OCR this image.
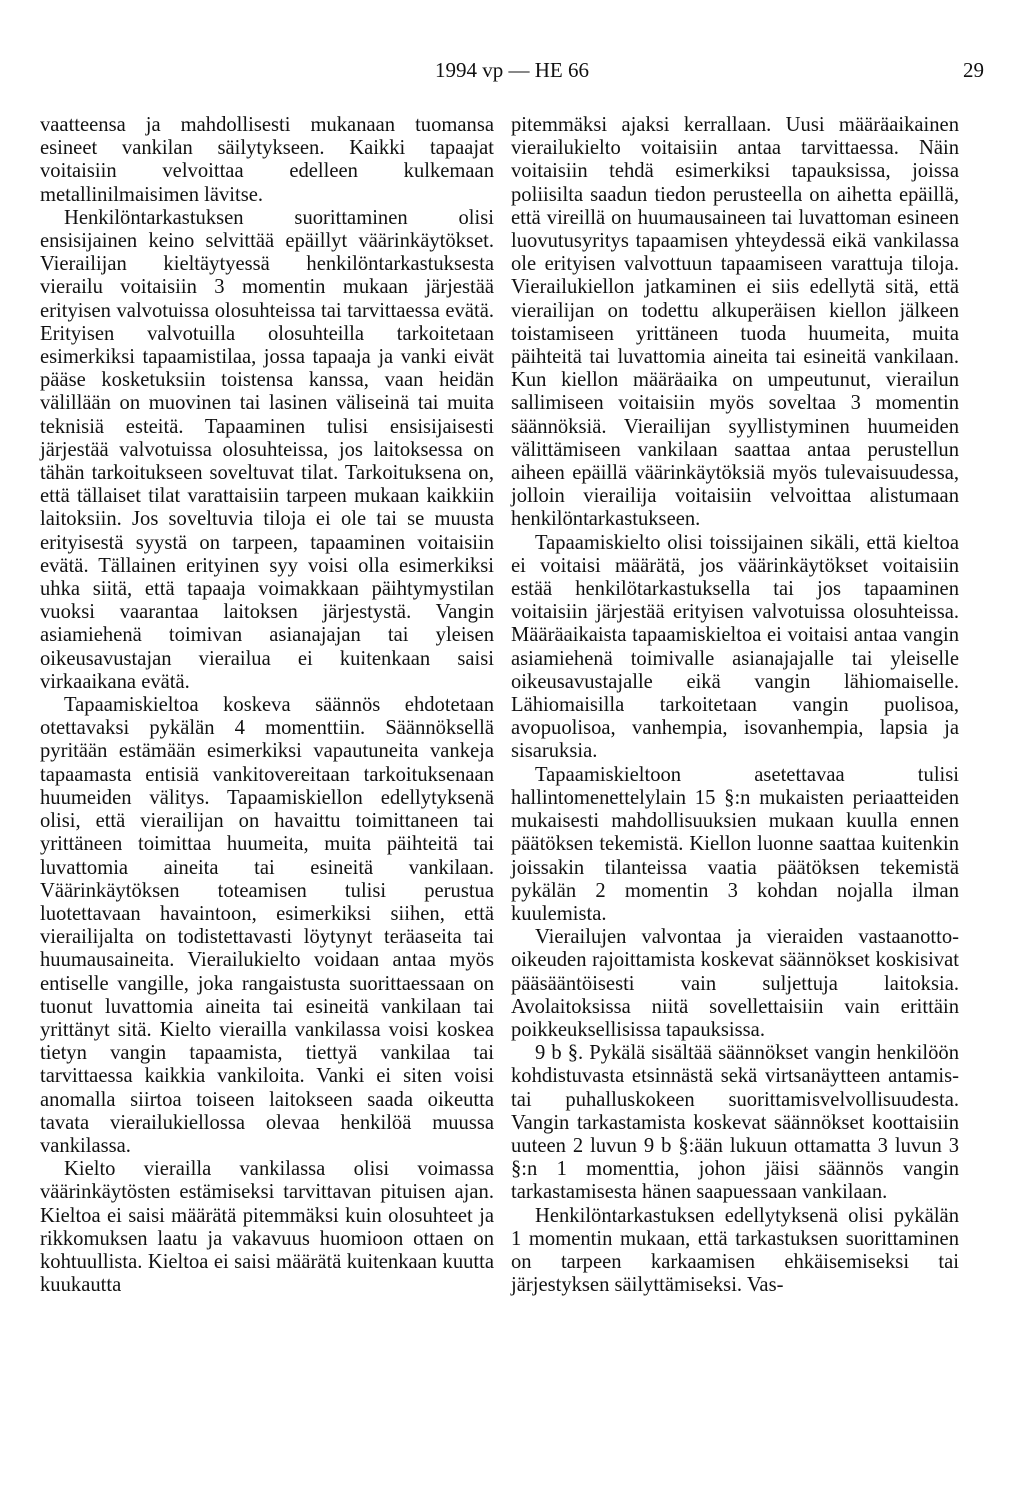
1994 vp — HE 66	29

vaatteensa ja mahdollisesti mukanaan tuomansa esineet vankilan säilytykseen. Kaikki tapaajat voitaisiin velvoittaa edelleen kulkemaan metallinilmaisimen lävitse.

Henkilöntarkastuksen suorittaminen olisi ensisijainen keino selvittää epäillyt väärinkäytökset. Vierailijan kieltäytyessä henkilöntarkastuksesta vierailu voitaisiin 3 momentin mukaan järjestää erityisen valvotuissa olosuhteissa tai tarvittaessa evätä. Erityisen valvotuilla olosuhteilla tarkoitetaan esimerkiksi tapaamistilaa, jossa tapaaja ja vanki eivät pääse kosketuksiin toistensa kanssa, vaan heidän välillään on muovinen tai lasinen väliseinä tai muita teknisiä esteitä. Tapaaminen tulisi ensisijaisesti järjestää valvotuissa olosuhteissa, jos laitoksessa on tähän tarkoitukseen soveltuvat tilat. Tarkoituksena on, että tällaiset tilat varattaisiin tarpeen mukaan kaikkiin laitoksiin. Jos soveltuvia tiloja ei ole tai se muusta erityisestä syystä on tarpeen, tapaaminen voitaisiin evätä. Tällainen erityinen syy voisi olla esimerkiksi uhka siitä, että tapaaja voimakkaan päihtymystilan vuoksi vaarantaa laitoksen järjestystä. Vangin asiamiehenä toimivan asianajajan tai yleisen oikeusavustajan vierailua ei kuitenkaan saisi virkaaikana evätä.

Tapaamiskieltoa koskeva säännös ehdotetaan otettavaksi pykälän 4 momenttiin. Säännöksellä pyritään estämään esimerkiksi vapautuneita vankeja tapaamasta entisiä vankitovereitaan tarkoituksenaan huumeiden välitys. Tapaamiskiellon edellytyksenä olisi, että vierailijan on havaittu toimittaneen tai yrittäneen toimittaa huumeita, muita päihteitä tai luvattomia aineita tai esineitä vankilaan. Väärinkäytöksen toteamisen tulisi perustua luotettavaan havaintoon, esimerkiksi siihen, että vierailijalta on todistettavasti löytynyt teräaseita tai huumausaineita. Vierailukielto voidaan antaa myös entiselle vangille, joka rangaistusta suorittaessaan on tuonut luvattomia aineita tai esineitä vankilaan tai yrittänyt sitä. Kielto vierailla vankilassa voisi koskea tietyn vangin tapaamista, tiettyä vankilaa tai tarvittaessa kaikkia vankiloita. Vanki ei siten voisi anomalla siirtoa toiseen laitokseen saada oikeutta tavata vierailukiellossa olevaa henkilöä muussa vankilassa.

Kielto vierailla vankilassa olisi voimassa väärinkäytösten estämiseksi tarvittavan pituisen ajan. Kieltoa ei saisi määrätä pitemmäksi kuin olosuhteet ja rikkomuksen laatu ja vakavuus huomioon ottaen on kohtuullista. Kieltoa ei saisi määrätä kuitenkaan kuutta kuukautta

pitemmäksi ajaksi kerrallaan. Uusi määräaikainen vierailukielto voitaisiin antaa tarvittaessa. Näin voitaisiin tehdä esimerkiksi tapauksissa, joissa poliisilta saadun tiedon perusteella on aihetta epäillä, että vireillä on huumausaineen tai luvattoman esineen luovutusyritys tapaamisen yhteydessä eikä vankilassa ole erityisen valvottuun tapaamiseen varattuja tiloja. Vierailukiellon jatkaminen ei siis edellytä sitä, että vierailijan on todettu alkuperäisen kiellon jälkeen toistamiseen yrittäneen tuoda huumeita, muita päihteitä tai luvattomia aineita tai esineitä vankilaan. Kun kiellon määräaika on umpeutunut, vierailun sallimiseen voitaisiin myös soveltaa 3 momentin säännöksiä. Vierailijan syyllistyminen huumeiden välittämiseen vankilaan saattaa antaa perustellun aiheen epäillä väärinkäytöksiä myös tulevaisuudessa, jolloin vierailija voitaisiin velvoittaa alistumaan henkilöntarkastukseen.

Tapaamiskielto olisi toissijainen sikäli, että kieltoa ei voitaisi määrätä, jos väärinkäytökset voitaisiin estää henkilötarkastuksella tai jos tapaaminen voitaisiin järjestää erityisen valvotuissa olosuhteissa. Määräaikaista tapaamiskieltoa ei voitaisi antaa vangin asiamiehenä toimivalle asianajajalle tai yleiselle oikeusavustajalle eikä vangin lähiomaiselle. Lähiomaisilla tarkoitetaan vangin puolisoa, avopuolisoa, vanhempia, isovanhempia, lapsia ja sisaruksia.

Tapaamiskieltoon asetettavaa tulisi hallintomenettelylain 15 §:n mukaisten periaatteiden mukaisesti mahdollisuuksien mukaan kuulla ennen päätöksen tekemistä. Kiellon luonne saattaa kuitenkin joissakin tilanteissa vaatia päätöksen tekemistä pykälän 2 momentin 3 kohdan nojalla ilman kuulemista.

Vierailujen valvontaa ja vieraiden vastaanotto-oikeuden rajoittamista koskevat säännökset koskisivat pääsääntöisesti vain suljettuja laitoksia. Avolaitoksissa niitä sovellettaisiin vain erittäin poikkeuksellisissa tapauksissa.

9 b §. Pykälä sisältää säännökset vangin henkilöön kohdistuvasta etsinnästä sekä virtsanäytteen antamis- tai puhalluskokeen suorittamisvelvollisuudesta. Vangin tarkastamista koskevat säännökset koottaisiin uuteen 2 luvun 9 b §:ään lukuun ottamatta 3 luvun 3 §:n 1 momenttia, johon jäisi säännös vangin tarkastamisesta hänen saapuessaan vankilaan.

Henkilöntarkastuksen edellytyksenä olisi pykälän 1 momentin mukaan, että tarkastuksen suorittaminen on tarpeen karkaamisen ehkäisemiseksi tai järjestyksen säilyttämiseksi. Vas-
